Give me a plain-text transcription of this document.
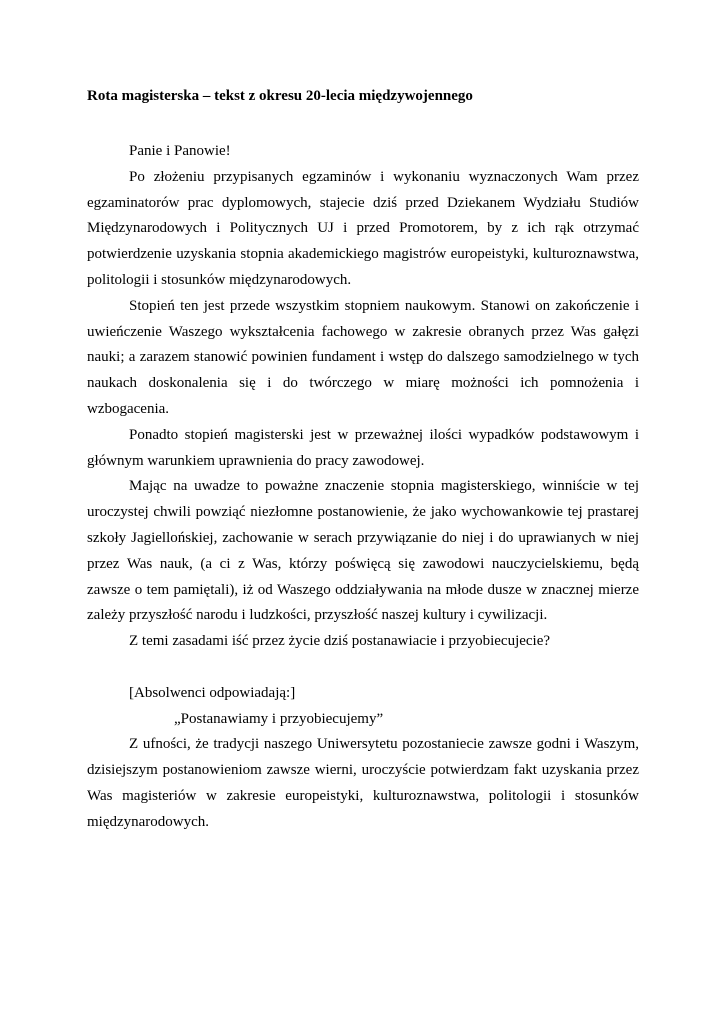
Rota magisterska – tekst z okresu 20-lecia międzywojennego

Panie i Panowie!

Po złożeniu przypisanych egzaminów i wykonaniu wyznaczonych Wam przez egzaminatorów prac dyplomowych, stajecie dziś przed Dziekanem Wydziału Studiów Międzynarodowych i Politycznych UJ i przed Promotorem, by z ich rąk otrzymać potwierdzenie uzyskania stopnia akademickiego magistrów europeistyki, kulturoznawstwa, politologii i stosunków międzynarodowych.

Stopień ten jest przede wszystkim stopniem naukowym. Stanowi on zakończenie i uwieńczenie Waszego wykształcenia fachowego w zakresie obranych przez Was gałęzi nauki; a zarazem stanowić powinien fundament i wstęp do dalszego samodzielnego w tych naukach doskonalenia się i do twórczego w miarę możności ich pomnożenia i wzbogacenia.

Ponadto stopień magisterski jest w przeważnej ilości wypadków podstawowym i głównym warunkiem uprawnienia do pracy zawodowej.

Mając na uwadze to poważne znaczenie stopnia magisterskiego, winniście w tej uroczystej chwili powziąć niezłomne postanowienie, że jako wychowankowie tej prastarej szkoły Jagiellońskiej, zachowanie w serach przywiązanie do niej i do uprawianych w niej przez Was nauk, (a ci z Was, którzy poświęcą się zawodowi nauczycielskiemu, będą zawsze o tem pamiętali), iż od Waszego oddziaływania na młode dusze w znacznej mierze zależy przyszłość narodu i ludzkości, przyszłość naszej kultury i cywilizacji.

Z temi zasadami iść przez życie dziś postanawiacie i przyobiecujecie?

[Absolwenci odpowiadają:]

„Postanawiamy i przyobiecujemy”

Z ufności, że tradycji naszego Uniwersytetu pozostaniecie zawsze godni i Waszym, dzisiejszym postanowieniom zawsze wierni, uroczyście potwierdzam fakt uzyskania przez Was magisteriów w zakresie europeistyki, kulturoznawstwa, politologii i stosunków międzynarodowych.
